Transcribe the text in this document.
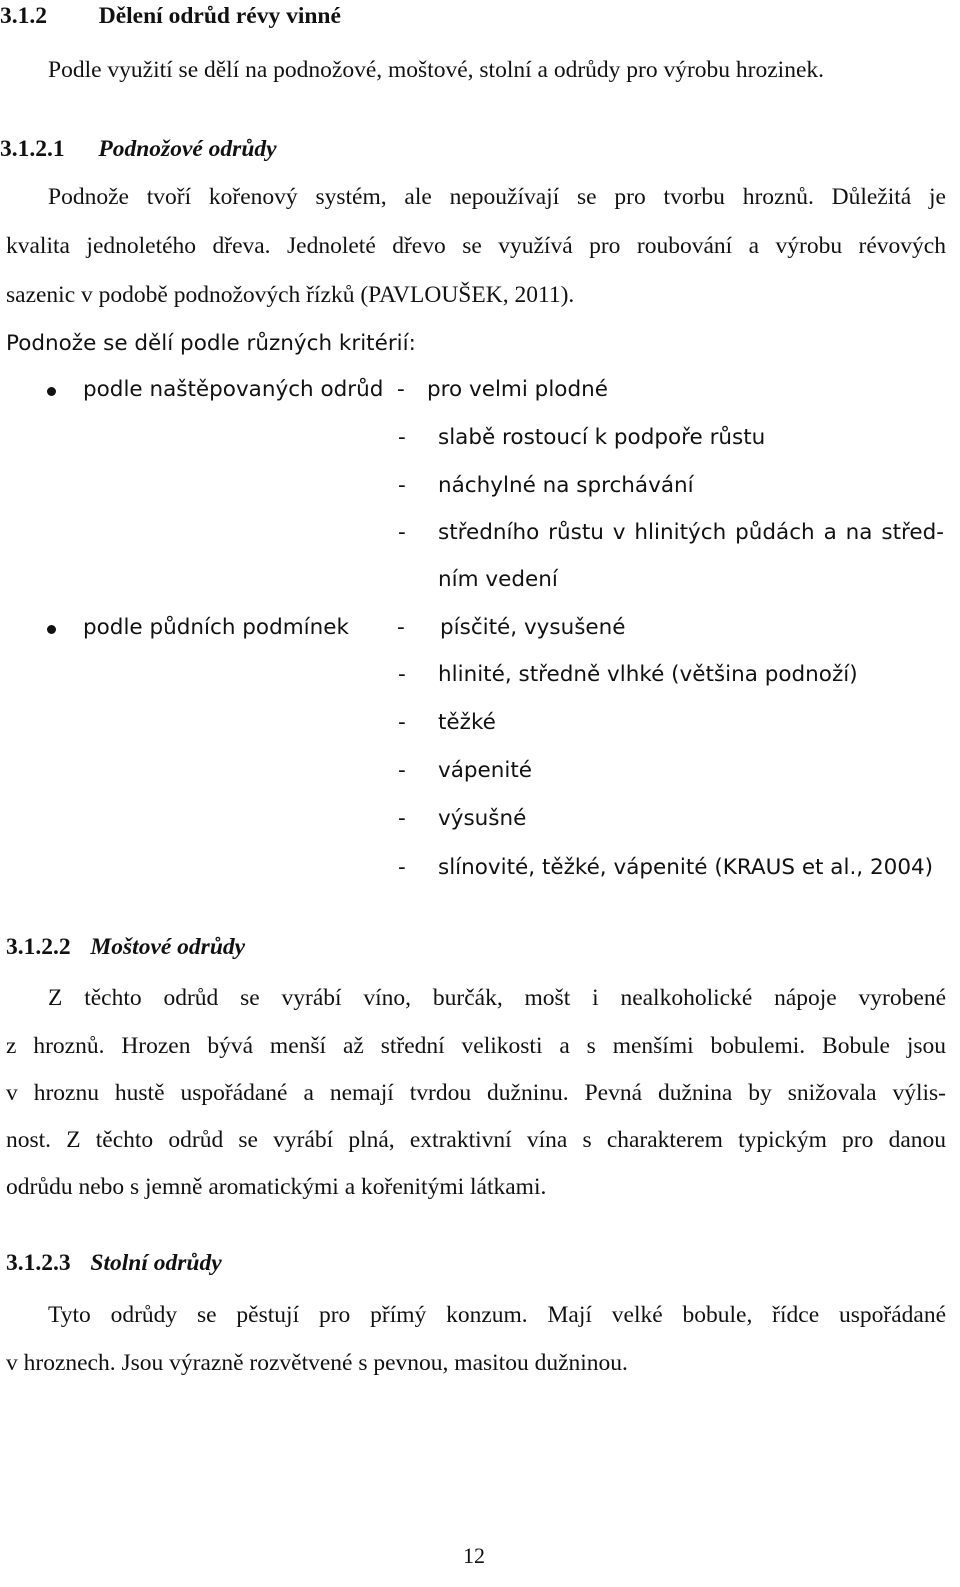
3.1.2 Dělení odrůd révy vinné
Podle využití se dělí na podnožové, moštové, stolní a odrůdy pro výrobu hrozinek.
3.1.2.1 Podnožové odrůdy
Podnože tvoří kořenový systém, ale nepoužívají se pro tvorbu hroznů. Důležitá je
kvalita jednoletého dřeva. Jednoleté dřevo se využívá pro roubování a výrobu révových
sazenic v podobě podnožových řízků (PAVLOUŠEK, 2011).
Podnože se dělí podle různých kritérií:
podle naštěpovaných odrůd - pro velmi plodné
- slabě rostoucí k podpoře růstu
- náchylné na sprchávání
- středního růstu v hlinitých půdách a na střed-
ním vedení
podle půdních podmínek - písčité, vysušené
- hlinité, středně vlhké (většina podnoží)
- těžké
- vápenité
- výsušné
- slínovité, těžké, vápenité (KRAUS et al., 2004)
3.1.2.2 Moštové odrůdy
Z těchto odrůd se vyrábí víno, burčák, mošt i nealkoholické nápoje vyrobené
z hroznů. Hrozen bývá menší až střední velikosti a s menšími bobulemi. Bobule jsou
v hroznu hustě uspořádané a nemají tvrdou dužninu. Pevná dužnina by snižovala výlis-
nost. Z těchto odrůd se vyrábí plná, extraktivní vína s charakterem typickým pro danou
odrůdu nebo s jemně aromatickými a kořenitými látkami.
3.1.2.3 Stolní odrůdy
Tyto odrůdy se pěstují pro přímý konzum. Mají velké bobule, řídce uspořádané
v hroznech. Jsou výrazně rozvětvené s pevnou, masitou dužninou.
12
